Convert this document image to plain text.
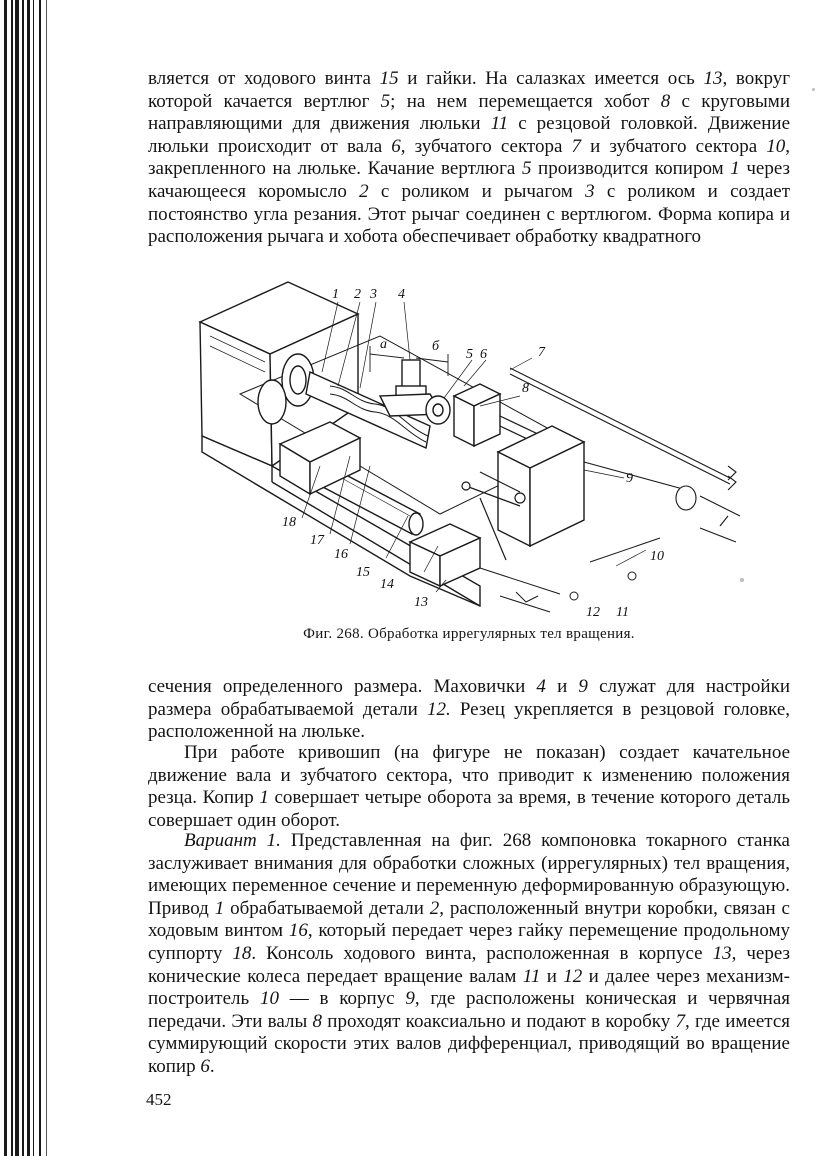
вляется от ходового винта 15 и гайки. На салазках имеется ось 13, вокруг которой качается вертлюг 5; на нем перемещается хобот 8 с круговыми направляющими для движения люльки 11 с резцовой головкой. Движение люльки происходит от вала 6, зубчатого сектора 7 и зубчатого сектора 10, закрепленного на люльке. Качание вертлюга 5 производится копиром 1 через качающееся коромысло 2 с роликом и рычагом 3 с роликом и создает постоянство угла резания. Этот рычаг соединен с вертлюгом. Форма копира и расположения рычага и хобота обеспечивает обработку квадратного

1 2 3 4
а	б
5 6	7
8
9
10
11
12
13
14
15
16
17
18
Фиг. 268. Обработка иррегулярных тел вращения.

сечения определенного размера. Маховички 4 и 9 служат для настройки размера обрабатываемой детали 12. Резец укрепляется в резцовой головке, расположенной на люльке.

При работе кривошип (на фигуре не показан) создает качательное движение вала и зубчатого сектора, что приводит к изменению положения резца. Копир 1 совершает четыре оборота за время, в течение которого деталь совершает один оборот.

Вариант 1. Представленная на фиг. 268 компоновка токарного станка заслуживает внимания для обработки сложных (иррегулярных) тел вращения, имеющих переменное сечение и переменную деформированную образующую. Привод 1 обрабатываемой детали 2, расположенный внутри коробки, связан с ходовым винтом 16, который передает через гайку перемещение продольному суппорту 18. Консоль ходового винта, расположенная в корпусе 13, через конические колеса передает вращение валам 11 и 12 и далее через механизм-построитель 10 — в корпус 9, где расположены коническая и червячная передачи. Эти валы 8 проходят коаксиально и подают в коробку 7, где имеется суммирующий скорости этих валов дифференциал, приводящий во вращение копир 6.

452
